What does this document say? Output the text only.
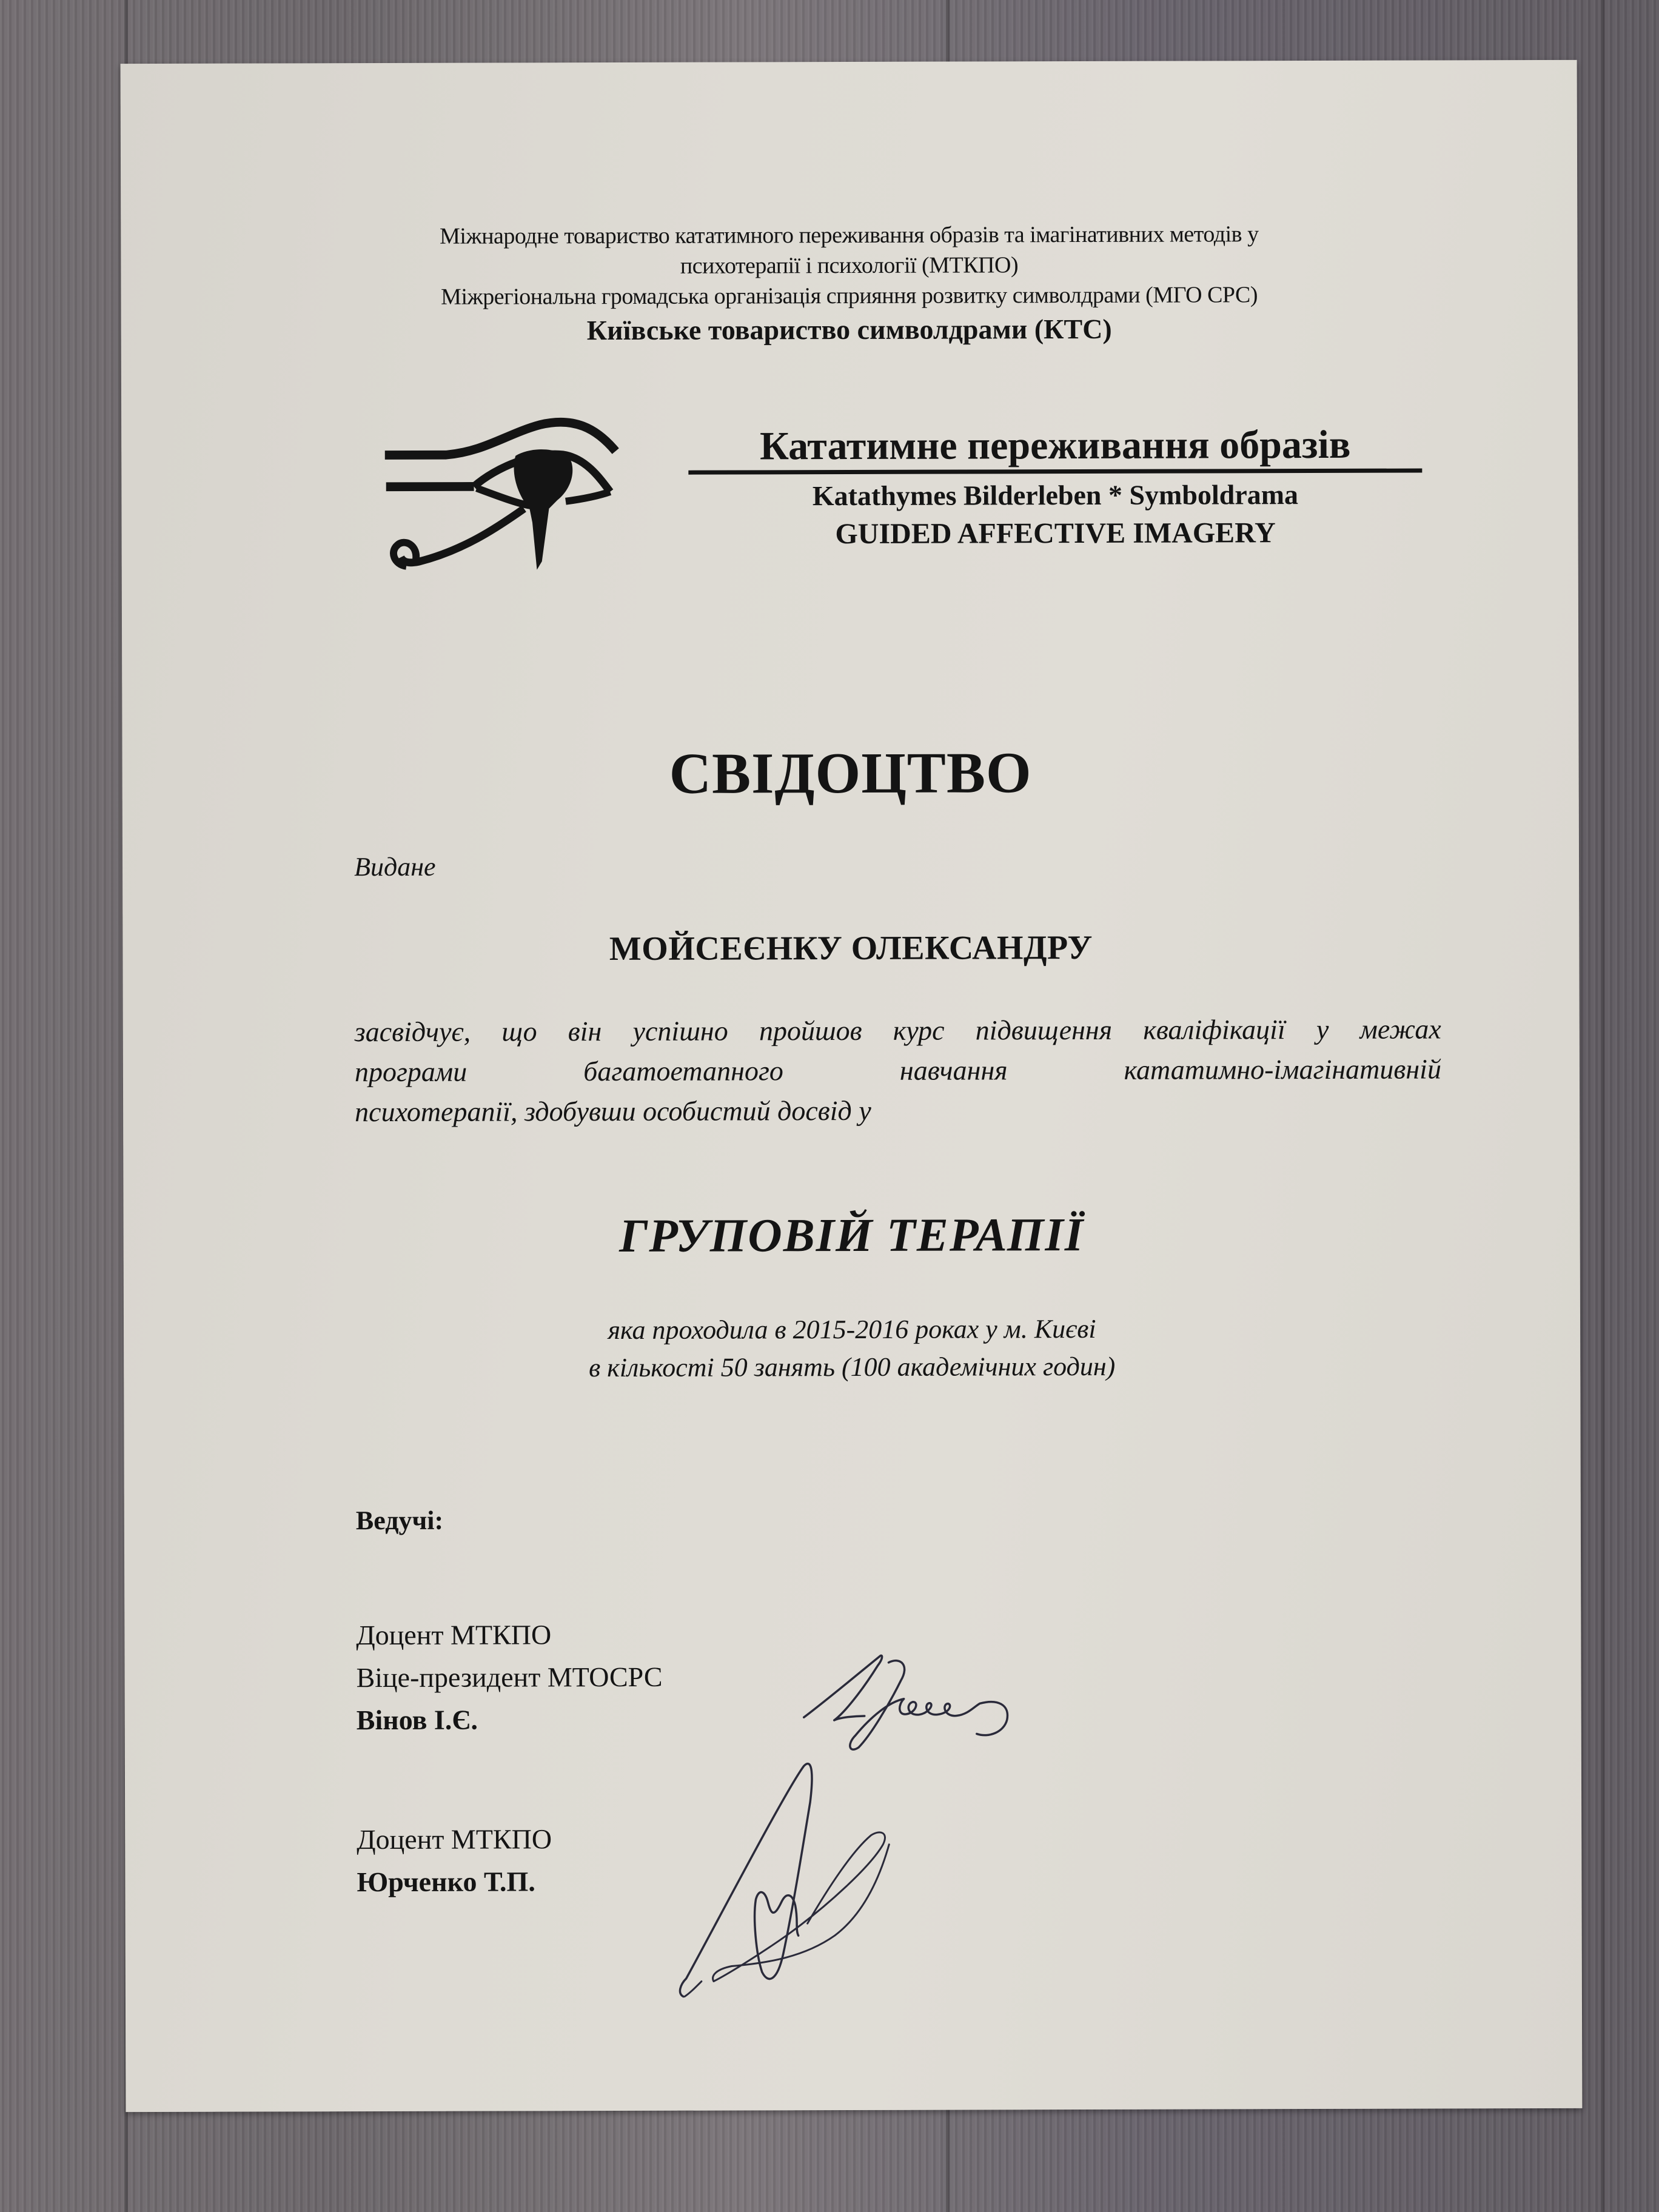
Міжнародне товариство кататимного переживання образів та імагінативних методів у
психотерапії і психології (МТКПО)
Міжрегіональна громадська організація сприяння розвитку символдрами (МГО СРС)
Київське товариство символдрами (КТС)
Кататимне переживання образів
Katathymes Bilderleben * Symboldrama
GUIDED AFFECTIVE IMAGERY
СВІДОЦТВО
Видане
МОЙСЕЄНКУ ОЛЕКСАНДРУ
засвідчує, що він успішно пройшов курс підвищення кваліфікації у межах
програми багатоетапного навчання кататимно-імагінативній
психотерапії, здобувши особистий досвід у
ГРУПОВІЙ ТЕРАПІЇ
яка проходила в 2015-2016 роках у м. Києві
в кількості 50 занять (100 академічних годин)
Ведучі:
Доцент МТКПО
Віце-президент МТОСРС
Вінов І.Є.
Доцент МТКПО
Юрченко Т.П.
